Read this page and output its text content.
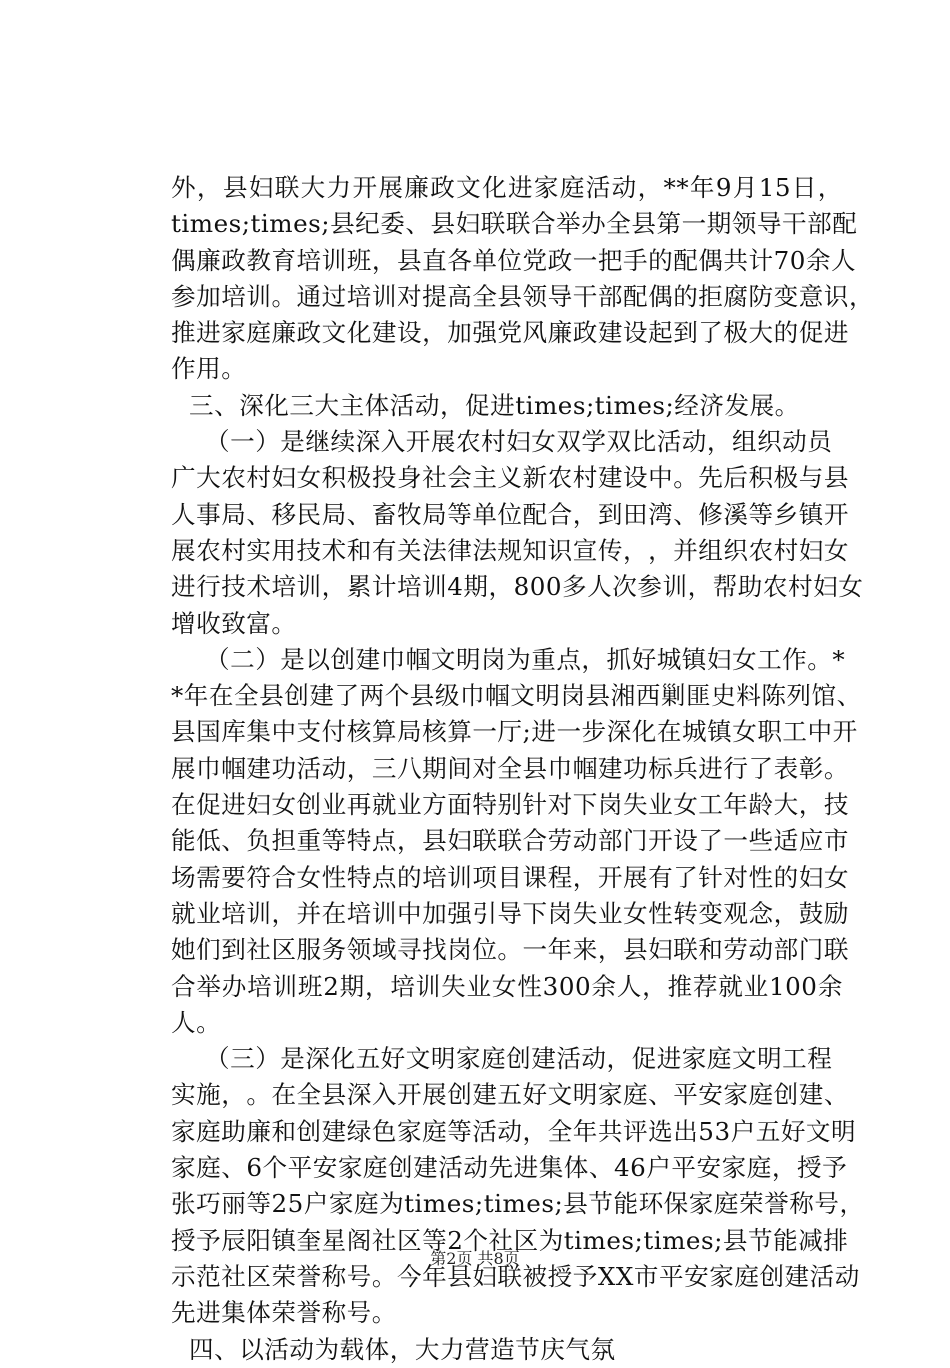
外 ， 县 妇 联 大 力 开 展 廉 政 文 化 进 家 庭 活 动 ， ** 年 9 月 15 日 ，
times;times; 县 纪 委 、 县 妇 联 联 合 举 办 全 县 第 一 期 领 导 干 部 配
偶 廉 政 教 育 培 训 班 ， 县 直 各 单 位 党 政 一 把 手 的 配 偶 共 计 70 余 人
参 加 培 训 。 通 过 培 训 对 提 高 全 县 领 导 干 部 配 偶 的 拒 腐 防 变 意 识 ，
推 进 家 庭 廉 政 文 化 建 设 ， 加 强 党 风 廉 政 建 设 起 到 了 极 大 的 促 进
作用。
三、深化三大主体活动，促进times;times;经济发展。
（一）是继续深入开展农村妇女双学双比活动，组织动员
广 大 农 村 妇 女 积 极 投 身 社 会 主 义 新 农 村 建 设 中 。 先 后 积 极 与 县
人 事 局 、 移 民 局 、 畜 牧 局 等 单 位 配 合 ， 到 田 湾 、 修 溪 等 乡 镇 开
展 农 村 实 用 技 术 和 有 关 法 律 法 规 知 识 宣 传 ， ， 并 组 织 农 村 妇 女
进 行 技 术 培 训 ， 累 计 培 训 4 期 ， 800 多 人 次 参 训 ， 帮 助 农 村 妇 女
增收致富。
（二）是以创建巾帼文明岗为重点，抓好城镇妇女工作。*
* 年 在 全 县 创 建 了 两 个 县 级 巾 帼 文 明 岗 县 湘 西 剿 匪 史 料 陈 列 馆 、
县 国 库 集 中 支 付 核 算 局 核 算 一 厅 ; 进 一 步 深 化 在 城 镇 女 职 工 中 开
展 巾 帼 建 功 活 动 ， 三 八 期 间 对 全 县 巾 帼 建 功 标 兵 进 行 了 表 彰 。
在 促 进 妇 女 创 业 再 就 业 方 面 特 别 针 对 下 岗 失 业 女 工 年 龄 大 ， 技
能 低 、 负 担 重 等 特 点 ， 县 妇 联 联 合 劳 动 部 门 开 设 了 一 些 适 应 市
场 需 要 符 合 女 性 特 点 的 培 训 项 目 课 程 ， 开 展 有 了 针 对 性 的 妇 女
就 业 培 训 ， 并 在 培 训 中 加 强 引 导 下 岗 失 业 女 性 转 变 观 念 ， 鼓 励
她 们 到 社 区 服 务 领 域 寻 找 岗 位 。 一 年 来 ， 县 妇 联 和 劳 动 部 门 联
合 举 办 培 训 班 2 期 ， 培 训 失 业 女 性 300 余 人 ， 推 荐 就 业 100 余
人。
（三）是深化五好文明家庭创建活动，促进家庭文明工程
实 施 ， 。 在 全 县 深 入 开 展 创 建 五 好 文 明 家 庭 、 平 安 家 庭 创 建 、
家 庭 助 廉 和 创 建 绿 色 家 庭 等 活 动 ， 全 年 共 评 选 出 53 户 五 好 文 明
家 庭 、 6 个 平 安 家 庭 创 建 活 动 先 进 集 体 、 46 户 平 安 家 庭 ， 授 予
张 巧 丽 等 25 户 家 庭 为 times;times; 县 节 能 环 保 家 庭 荣 誉 称 号 ，
授 予 辰 阳 镇 奎 星 阁 社 区 等 2 个 社 区 为 times;times; 县 节 能 减 排
示 范 社 区 荣 誉 称 号 。 今 年 县 妇 联 被 授 予 XX 市 平 安 家 庭 创 建 活 动
先进集体荣誉称号。
四、以活动为载体，大力营造节庆气氛
第2页 共8页
